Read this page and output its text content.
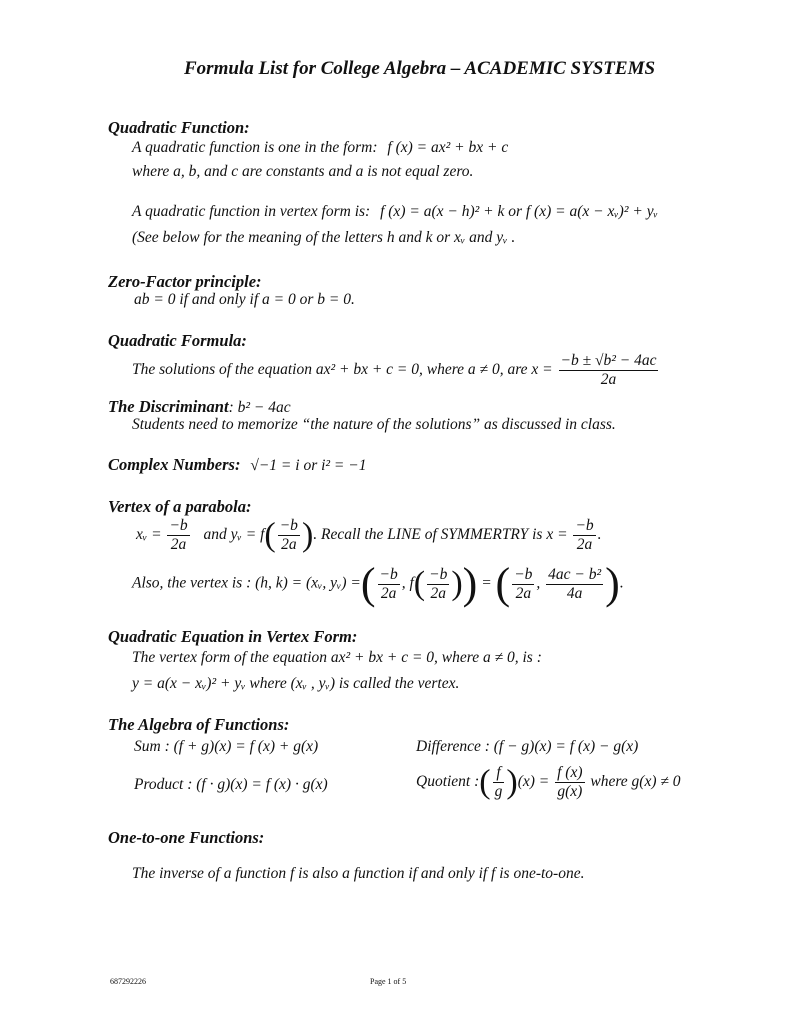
Formula List for College Algebra – ACADEMIC SYSTEMS
Quadratic Function:
A quadratic function is one in the form: f (x) = ax² + bx + c
where a, b, and c are constants and a is not equal zero.
A quadratic function in vertex form is: f (x) = a(x − h)² + k or f (x) = a(x − xᵥ)² + yᵥ
(See below for the meaning of the letters h and k or xᵥ and yᵥ .
Zero-Factor principle:
ab = 0 if and only if a = 0 or b = 0.
Quadratic Formula:
The solutions of the equation ax² + bx + c = 0, where a ≠ 0, are $x = \frac{\text{−b ± √b² − 4ac}}{2a}$
The Discriminant: b² − 4ac
Students need to memorize “the nature of the solutions” as discussed in class.
Complex Numbers: √−1 = i or i² = −1
Vertex of a parabola:
xᵥ = $\frac{-b}{2a}$ and yᵥ = $f( \frac{-b}{2a}$ ). Recall the LINE of SYMMERTRY is $x = \frac{-b}{2a}$ .
Also, the vertex is : (h, k) = (xᵥ, yᵥ) =( $\frac{-b}{2a}$ , $f( \frac{-b}{2a}$ )) = ( $\frac{-b}{2a}$ , $\frac{\text{4ac − b²}}{4a}$ ).
Quadratic Equation in Vertex Form:
The vertex form of the equation ax² + bx + c = 0, where a ≠ 0, is :
y = a(x − xᵥ)² + yᵥ where (xᵥ , yᵥ) is called the vertex.
The Algebra of Functions:
Sum : (f + g)(x) = f (x) + g(x)	Difference : (f − g)(x) = f (x) − g(x)
Product : (f · g)(x) = f (x) · g(x)	Quotient :( $\frac{f}{g} )(x) = \frac{f (x)}{g(x)}$ where g(x) ≠ 0
One-to-one Functions:
The inverse of a function f is also a function if and only if f is one-to-one.
687292226	Page 1 of 5
